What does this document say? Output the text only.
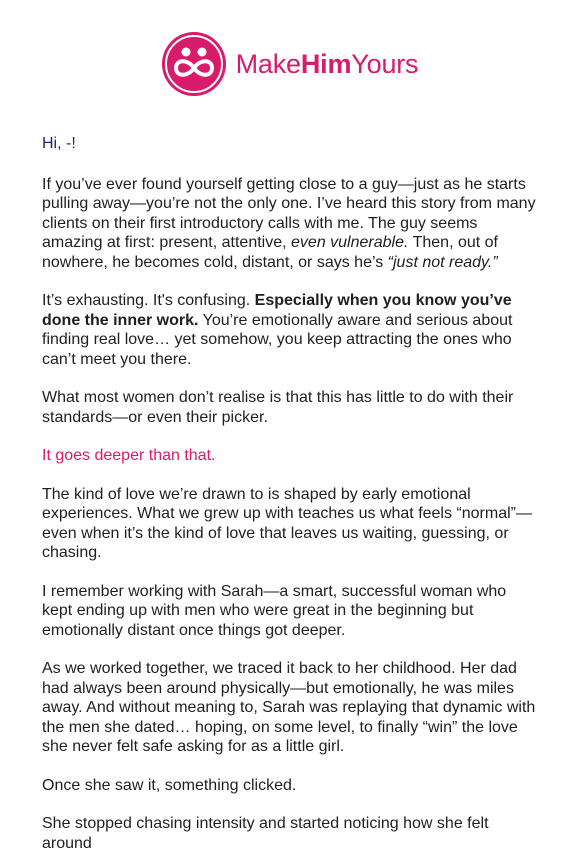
MakeHimYours

Hi, -!

If you’ve ever found yourself getting close to a guy—just as he starts pulling away—you’re not the only one. I’ve heard this story from many clients on their first introductory calls with me. The guy seems amazing at first: present, attentive, even vulnerable. Then, out of nowhere, he becomes cold, distant, or says he’s “just not ready.”

It’s exhausting. It's confusing. Especially when you know you’ve done the inner work. You’re emotionally aware and serious about finding real love… yet somehow, you keep attracting the ones who can’t meet you there.

What most women don’t realise is that this has little to do with their standards—or even their picker.

It goes deeper than that.

The kind of love we’re drawn to is shaped by early emotional experiences. What we grew up with teaches us what feels “normal”—even when it’s the kind of love that leaves us waiting, guessing, or chasing.

I remember working with Sarah—a smart, successful woman who kept ending up with men who were great in the beginning but emotionally distant once things got deeper.

As we worked together, we traced it back to her childhood. Her dad had always been around physically—but emotionally, he was miles away. And without meaning to, Sarah was replaying that dynamic with the men she dated… hoping, on some level, to finally “win” the love she never felt safe asking for as a little girl.

Once she saw it, something clicked.

She stopped chasing intensity and started noticing how she felt around
